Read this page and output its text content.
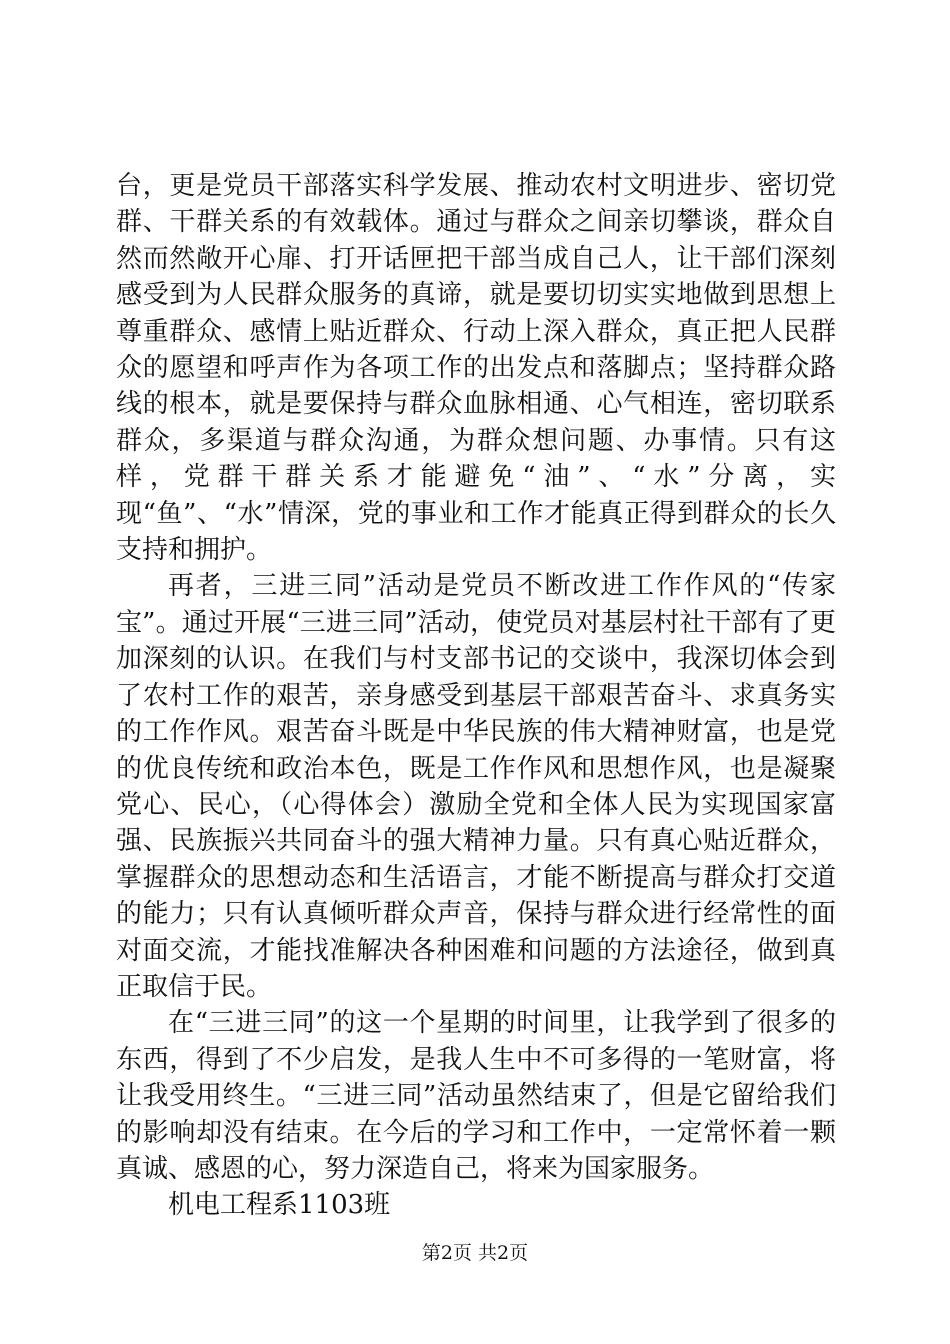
台，更是党员干部落实科学发展、推动农村文明进步、密切党群、干群关系的有效载体。通过与群众之间亲切攀谈，群众自然而然敞开心扉、打开话匣把干部当成自己人，让干部们深刻感受到为人民群众服务的真谛，就是要切切实实地做到思想上尊重群众、感情上贴近群众、行动上深入群众，真正把人民群众的愿望和呼声作为各项工作的出发点和落脚点；坚持群众路线的根本，就是要保持与群众血脉相通、心气相连，密切联系群众，多渠道与群众沟通，为群众想问题、办事情。只有这样，党群干群关系才能避免“油”、“水”分离，实现“鱼”、“水”情深，党的事业和工作才能真正得到群众的长久支持和拥护。

再者，三进三同”活动是党员不断改进工作作风的“传家宝”。通过开展“三进三同”活动，使党员对基层村社干部有了更加深刻的认识。在我们与村支部书记的交谈中，我深切体会到了农村工作的艰苦，亲身感受到基层干部艰苦奋斗、求真务实的工作作风。艰苦奋斗既是中华民族的伟大精神财富，也是党的优良传统和政治本色，既是工作作风和思想作风，也是凝聚党心、民心，（心得体会）激励全党和全体人民为实现国家富强、民族振兴共同奋斗的强大精神力量。只有真心贴近群众，掌握群众的思想动态和生活语言，才能不断提高与群众打交道的能力；只有认真倾听群众声音，保持与群众进行经常性的面对面交流，才能找准解决各种困难和问题的方法途径，做到真正取信于民。

在“三进三同”的这一个星期的时间里，让我学到了很多的东西，得到了不少启发，是我人生中不可多得的一笔财富，将让我受用终生。“三进三同”活动虽然结束了，但是它留给我们的影响却没有结束。在今后的学习和工作中，一定常怀着一颗真诚、感恩的心，努力深造自己，将来为国家服务。

机电工程系1103班

第2页 共2页
